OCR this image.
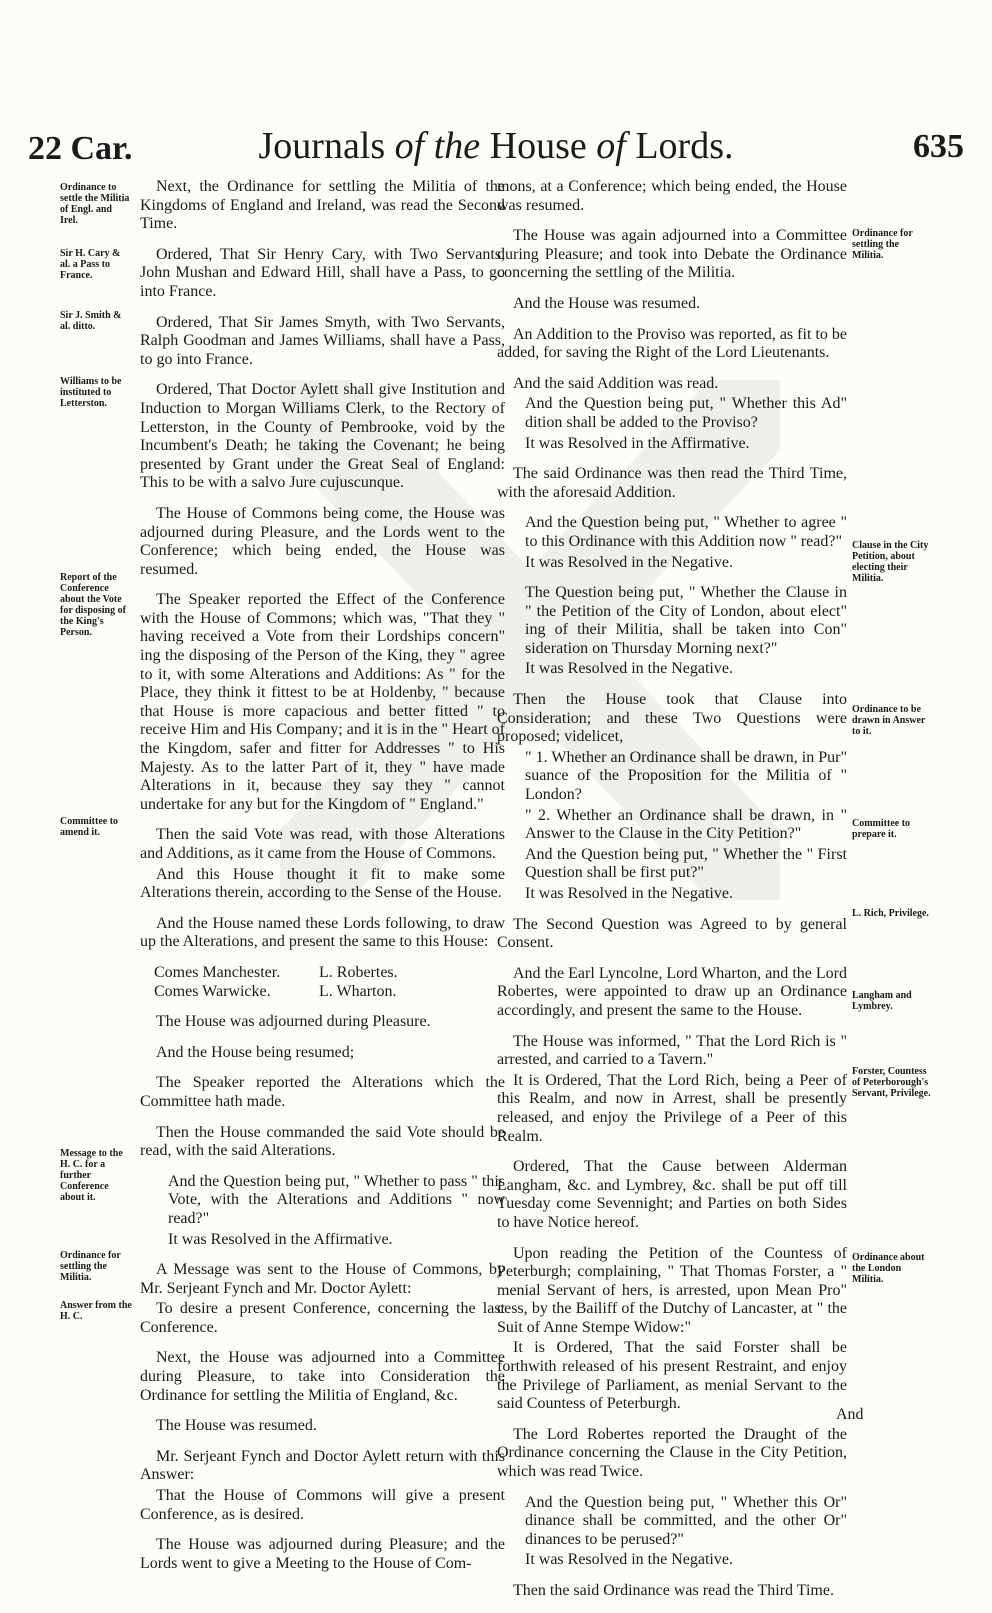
22 Car.	Journals of the House of Lords.	635
Ordinance to settle the Militia of Engl. and Irel.
Sir H. Cary & al. a Pass to France.
Sir J. Smith & al. ditto.
Williams to be instituted to Letterston.
Report of the Conference about the Vote for disposing of the King's Person.
Committee to amend it.
Message to the H. C. for a further Conference about it.
Ordinance for settling the Militia.
Answer from the H. C.
Ordinance for settling the Militia.
Clause in the City Petition, about electing their Militia.
Ordinance to be drawn in Answer to it.
Committee to prepare it.
L. Rich, Privilege.
Langham and Lymbrey.
Forster, Countess of Peterborough's Servant, Privilege.
Ordinance about the London Militia.

Next, the Ordinance for settling the Militia of the Kingdoms of England and Ireland, was read the Second Time.

Ordered, That Sir Henry Cary, with Two Servants, John Mushan and Edward Hill, shall have a Pass, to go into France.

Ordered, That Sir James Smyth, with Two Servants, Ralph Goodman and James Williams, shall have a Pass, to go into France.

Ordered, That Doctor Aylett shall give Institution and Induction to Morgan Williams Clerk, to the Rectory of Letterston, in the County of Pembrooke, void by the Incumbent's Death; he taking the Covenant; he being presented by Grant under the Great Seal of England: This to be with a salvo Jure cujuscunque.

The House of Commons being come, the House was adjourned during Pleasure, and the Lords went to the Conference; which being ended, the House was resumed.

The Speaker reported the Effect of the Conference with the House of Commons; which was, "That they " having received a Vote from their Lordships concern" ing the disposing of the Person of the King, they " agree to it, with some Alterations and Additions: As " for the Place, they think it fittest to be at Holdenby, " because that House is more capacious and better fitted " to receive Him and His Company; and it is in the " Heart of the Kingdom, safer and fitter for Addresses " to His Majesty. As to the latter Part of it, they " have made Alterations in it, because they say they " cannot undertake for any but for the Kingdom of " England."

Then the said Vote was read, with those Alterations and Additions, as it came from the House of Commons.

And this House thought it fit to make some Alterations therein, according to the Sense of the House.

And the House named these Lords following, to draw up the Alterations, and present the same to this House:

Comes Manchester.	L. Robertes.
Comes Warwicke.	L. Wharton.

The House was adjourned during Pleasure.

And the House being resumed;

The Speaker reported the Alterations which the Committee hath made.

Then the House commanded the said Vote should be read, with the said Alterations.

And the Question being put, " Whether to pass " this Vote, with the Alterations and Additions " now read?"

It was Resolved in the Affirmative.

A Message was sent to the House of Commons, by Mr. Serjeant Fynch and Mr. Doctor Aylett:

To desire a present Conference, concerning the last Conference.

Next, the House was adjourned into a Committee during Pleasure, to take into Consideration the Ordinance for settling the Militia of England, &c.

The House was resumed.

Mr. Serjeant Fynch and Doctor Aylett return with this Answer:

That the House of Commons will give a present Conference, as is desired.

The House was adjourned during Pleasure; and the Lords went to give a Meeting to the House of Com-

mons, at a Conference; which being ended, the House was resumed.

The House was again adjourned into a Committee during Pleasure; and took into Debate the Ordinance concerning the settling of the Militia.

And the House was resumed.

An Addition to the Proviso was reported, as fit to be added, for saving the Right of the Lord Lieutenants.

And the said Addition was read.

And the Question being put, " Whether this Ad" dition shall be added to the Proviso?

It was Resolved in the Affirmative.

The said Ordinance was then read the Third Time, with the aforesaid Addition.

And the Question being put, " Whether to agree " to this Ordinance with this Addition now " read?"

It was Resolved in the Negative.

The Question being put, " Whether the Clause in " the Petition of the City of London, about elect" ing of their Militia, shall be taken into Con" sideration on Thursday Morning next?"

It was Resolved in the Negative.

Then the House took that Clause into Consideration; and these Two Questions were proposed; videlicet,

" 1. Whether an Ordinance shall be drawn, in Pur" suance of the Proposition for the Militia of " London?

" 2. Whether an Ordinance shall be drawn, in " Answer to the Clause in the City Petition?"

And the Question being put, " Whether the " First Question shall be first put?"

It was Resolved in the Negative.

The Second Question was Agreed to by general Consent.

And the Earl Lyncolne, Lord Wharton, and the Lord Robertes, were appointed to draw up an Ordinance accordingly, and present the same to the House.

The House was informed, " That the Lord Rich is " arrested, and carried to a Tavern."

It is Ordered, That the Lord Rich, being a Peer of this Realm, and now in Arrest, shall be presently released, and enjoy the Privilege of a Peer of this Realm.

Ordered, That the Cause between Alderman Langham, &c. and Lymbrey, &c. shall be put off till Tuesday come Sevennight; and Parties on both Sides to have Notice hereof.

Upon reading the Petition of the Countess of Peterburgh; complaining, " That Thomas Forster, a " menial Servant of hers, is arrested, upon Mean Pro" cess, by the Bailiff of the Dutchy of Lancaster, at " the Suit of Anne Stempe Widow:"

It is Ordered, That the said Forster shall be forthwith released of his present Restraint, and enjoy the Privilege of Parliament, as menial Servant to the said Countess of Peterburgh.

The Lord Robertes reported the Draught of the Ordinance concerning the Clause in the City Petition, which was read Twice.

And the Question being put, " Whether this Or" dinance shall be committed, and the other Or" dinances to be perused?"

It was Resolved in the Negative.

Then the said Ordinance was read the Third Time.

And
